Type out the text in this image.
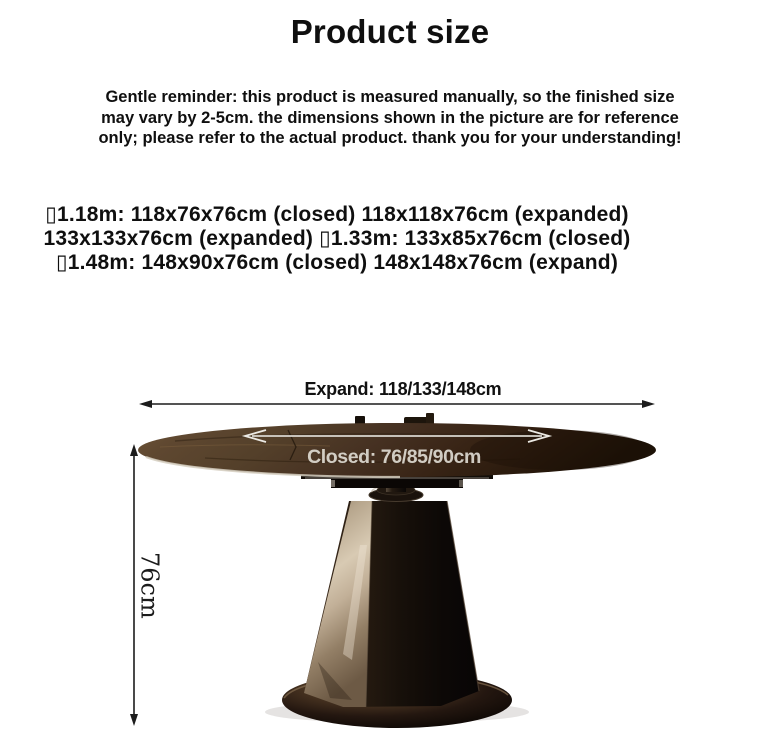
Product size
Gentle reminder: this product is measured manually, so the finished size
may vary by 2-5cm. the dimensions shown in the picture are for reference
only; please refer to the actual product. thank you for your understanding!
▯1.18m: 118x76x76cm (closed) 118x118x76cm (expanded)
133x133x76cm (expanded) ▯1.33m: 133x85x76cm (closed)
▯1.48m: 148x90x76cm (closed) 148x148x76cm (expand)
Closed: 76/85/90cm
Expand: 118/133/148cm
76cm
